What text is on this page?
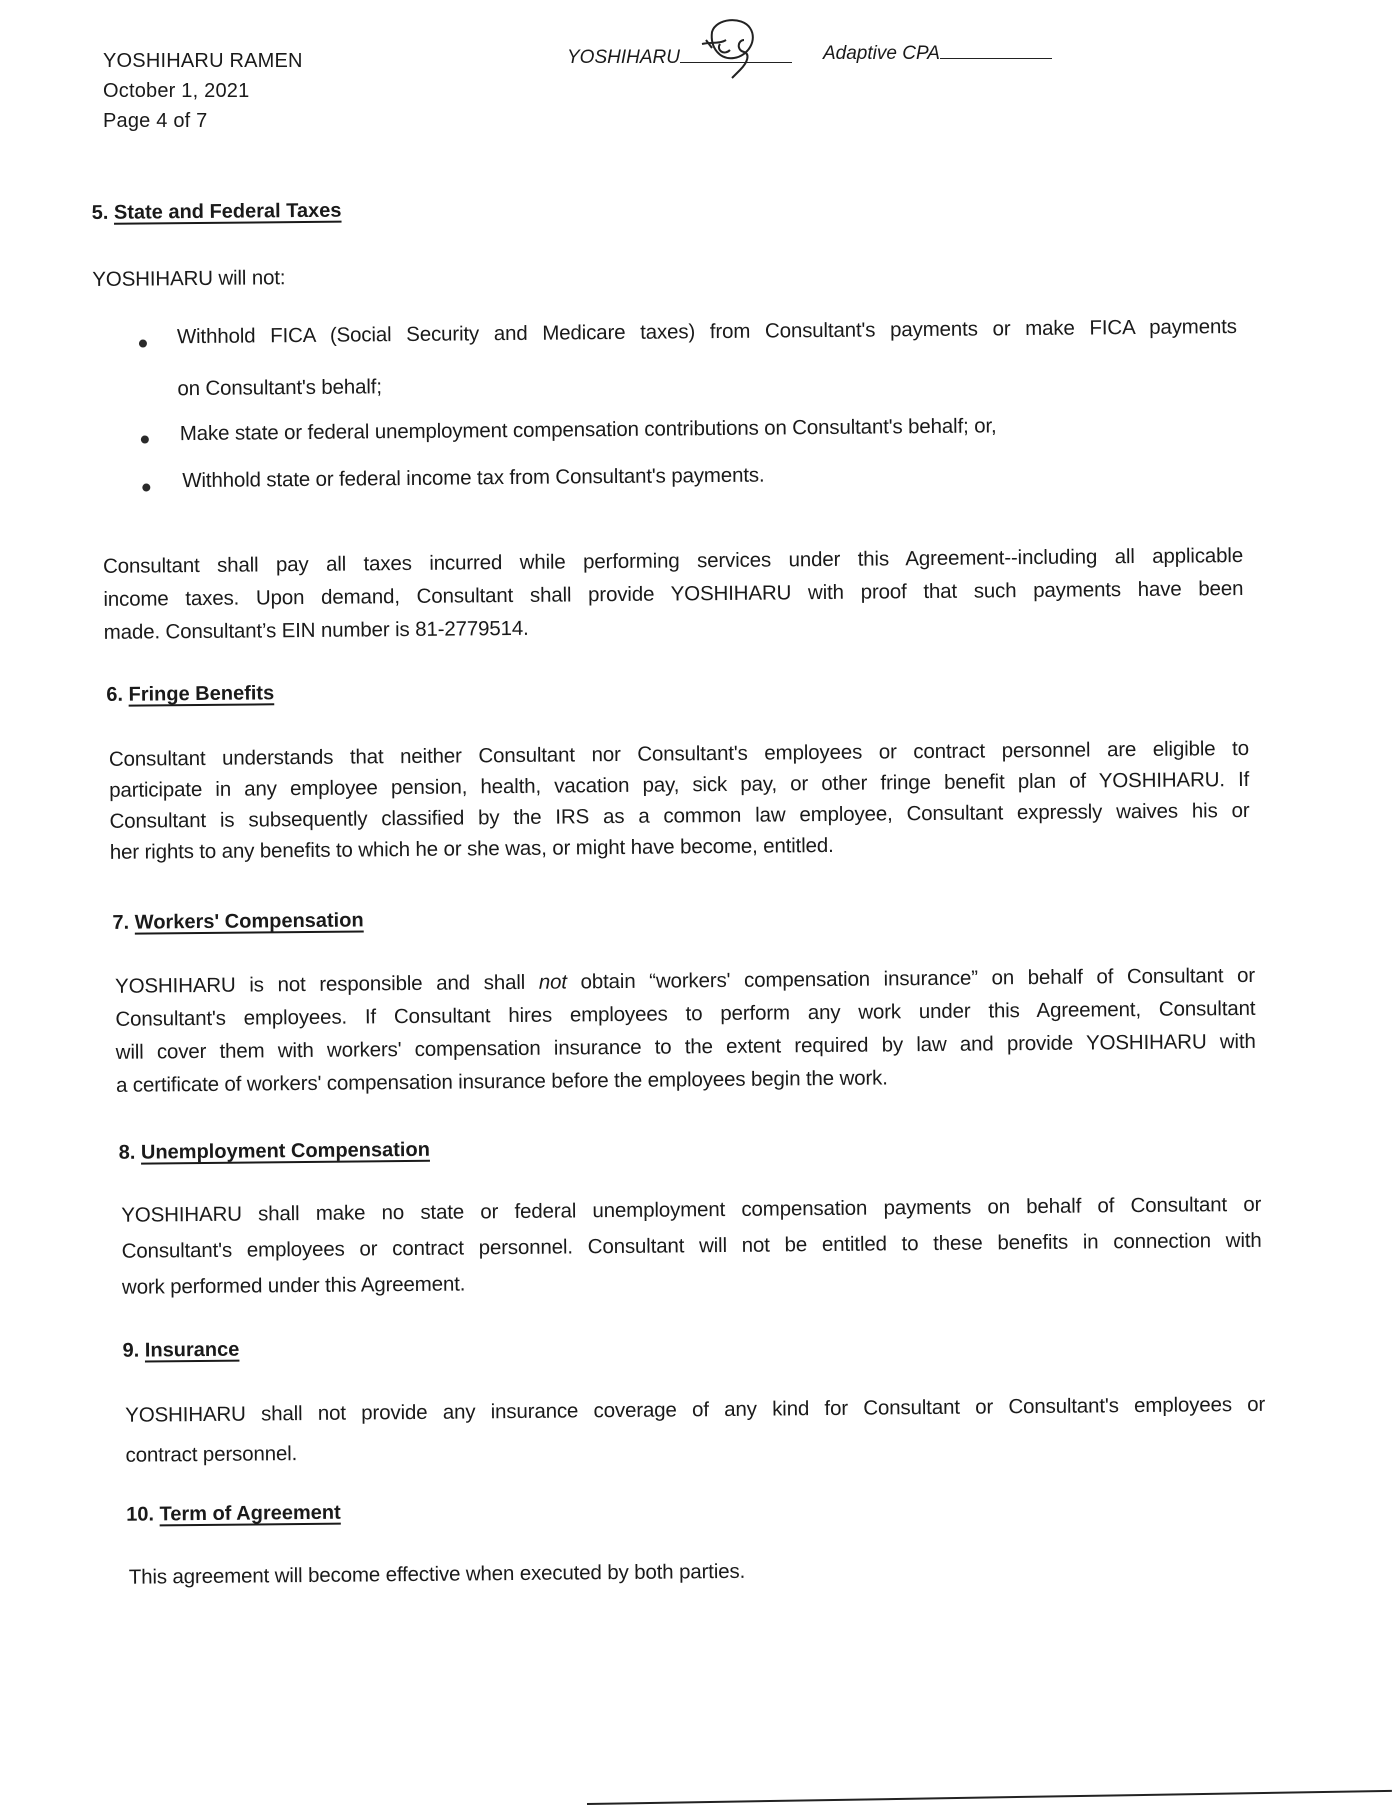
YOSHIHARU RAMEN
October 1, 2021
Page 4 of 7
YOSHIHARU	Adaptive CPA
5. State and Federal Taxes
YOSHIHARU will not:
Withhold FICA (Social Security and Medicare taxes) from Consultant's payments or make FICA payments
on Consultant's behalf;
Make state or federal unemployment compensation contributions on Consultant's behalf; or,
Withhold state or federal income tax from Consultant's payments.
Consultant shall pay all taxes incurred while performing services under this Agreement--including all applicable
income taxes. Upon demand, Consultant shall provide YOSHIHARU with proof that such payments have been
made. Consultant’s EIN number is 81-2779514.
6. Fringe Benefits
Consultant understands that neither Consultant nor Consultant's employees or contract personnel are eligible to
participate in any employee pension, health, vacation pay, sick pay, or other fringe benefit plan of YOSHIHARU. If
Consultant is subsequently classified by the IRS as a common law employee, Consultant expressly waives his or
her rights to any benefits to which he or she was, or might have become, entitled.
7. Workers' Compensation
YOSHIHARU is not responsible and shall not obtain “workers' compensation insurance” on behalf of Consultant or
Consultant's employees. If Consultant hires employees to perform any work under this Agreement, Consultant
will cover them with workers' compensation insurance to the extent required by law and provide YOSHIHARU with
a certificate of workers' compensation insurance before the employees begin the work.
8. Unemployment Compensation
YOSHIHARU shall make no state or federal unemployment compensation payments on behalf of Consultant or
Consultant's employees or contract personnel. Consultant will not be entitled to these benefits in connection with
work performed under this Agreement.
9. Insurance
YOSHIHARU shall not provide any insurance coverage of any kind for Consultant or Consultant's employees or
contract personnel.
10. Term of Agreement
This agreement will become effective when executed by both parties.
